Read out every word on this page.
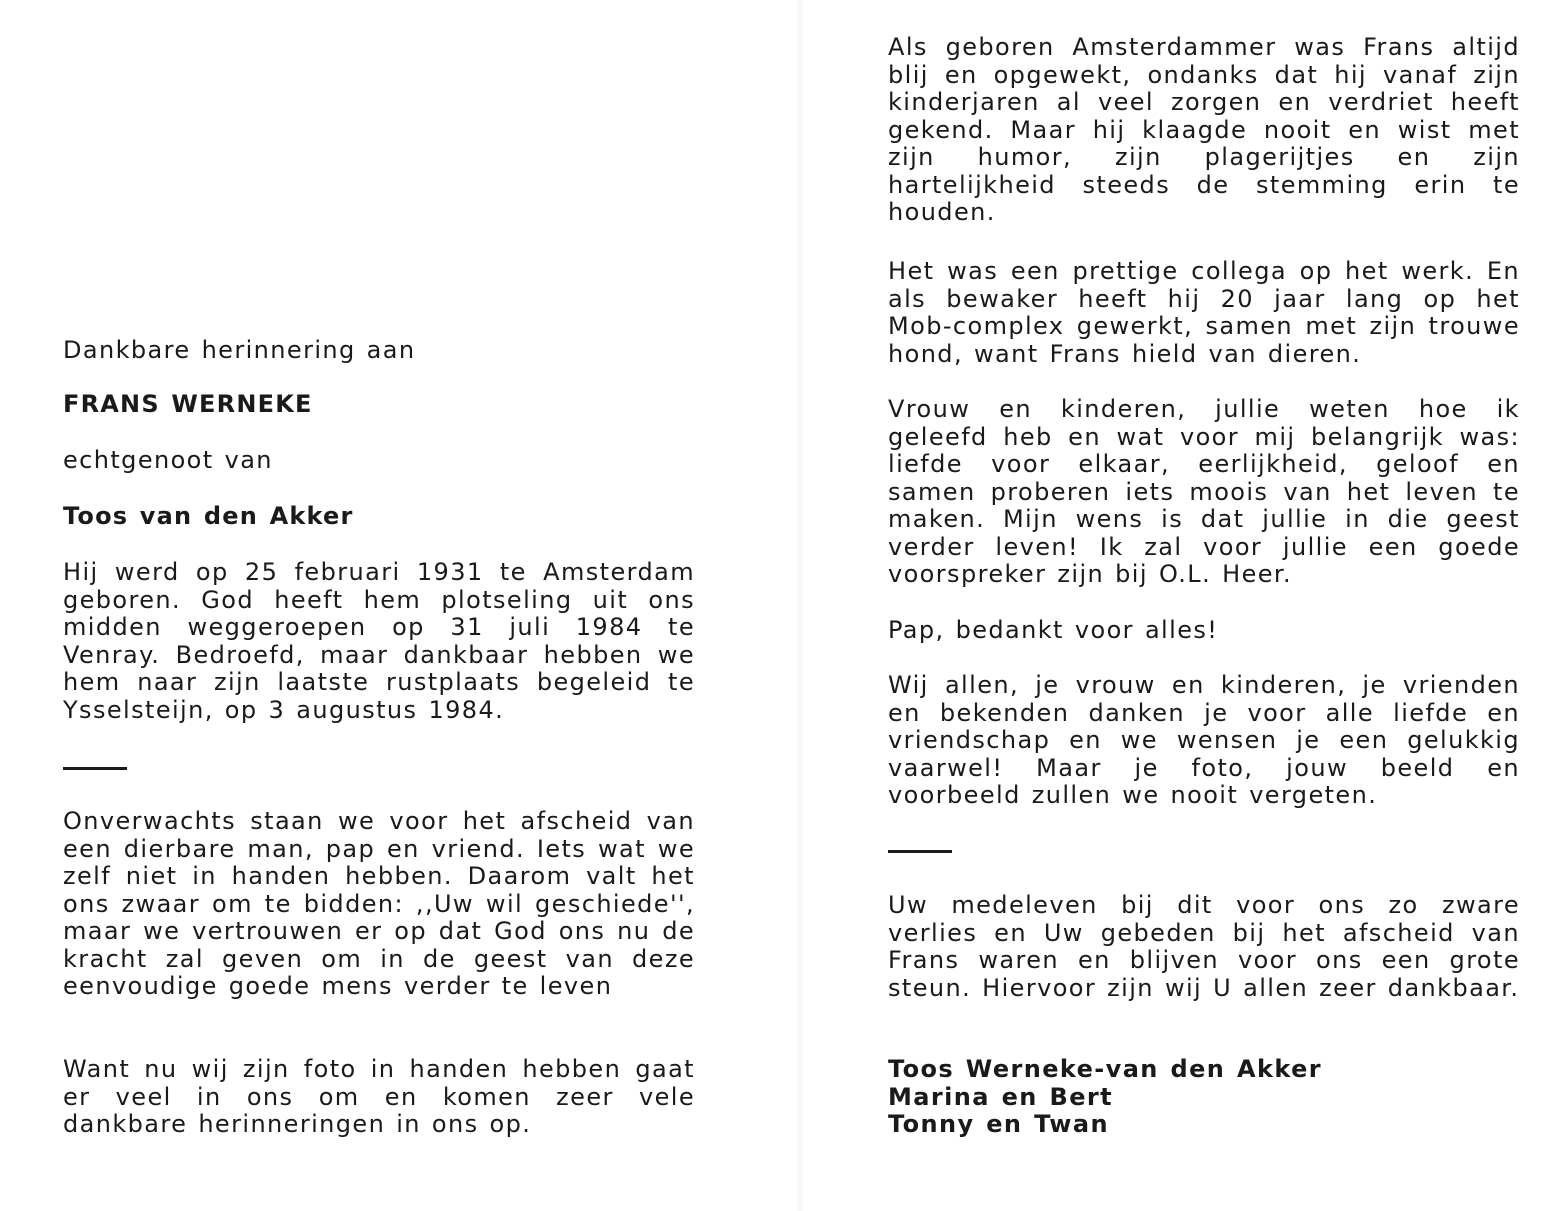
Dankbare herinnering aan

FRANS WERNEKE

echtgenoot van

Toos van den Akker

Hij werd op 25 februari 1931 te Amsterdam geboren. God heeft hem plotseling uit ons midden weggeroepen op 31 juli 1984 te Venray. Bedroefd, maar dankbaar hebben we hem naar zijn laatste rustplaats begeleid te Ysselsteijn, op 3 augustus 1984.

Onverwachts staan we voor het afscheid van een dierbare man, pap en vriend. Iets wat we zelf niet in handen hebben. Daarom valt het ons zwaar om te bidden: ,,Uw wil geschiede'', maar we vertrouwen er op dat God ons nu de kracht zal geven om in de geest van deze eenvoudige goede mens verder te leven

Want nu wij zijn foto in handen hebben gaat er veel in ons om en komen zeer vele dankbare herinneringen in ons op.

Als geboren Amsterdammer was Frans altijd blij en opgewekt, ondanks dat hij vanaf zijn kinderjaren al veel zorgen en verdriet heeft gekend. Maar hij klaagde nooit en wist met zijn humor, zijn plagerijtjes en zijn hartelijkheid steeds de stemming erin te houden.

Het was een prettige collega op het werk. En als bewaker heeft hij 20 jaar lang op het Mob-complex gewerkt, samen met zijn trouwe hond, want Frans hield van dieren.

Vrouw en kinderen, jullie weten hoe ik geleefd heb en wat voor mij belangrijk was: liefde voor elkaar, eerlijkheid, geloof en samen proberen iets moois van het leven te maken. Mijn wens is dat jullie in die geest verder leven! Ik zal voor jullie een goede voorspreker zijn bij O.L. Heer.

Pap, bedankt voor alles!

Wij allen, je vrouw en kinderen, je vrienden en bekenden danken je voor alle liefde en vriendschap en we wensen je een gelukkig vaarwel! Maar je foto, jouw beeld en voorbeeld zullen we nooit vergeten.

Uw medeleven bij dit voor ons zo zware verlies en Uw gebeden bij het afscheid van Frans waren en blijven voor ons een grote steun. Hiervoor zijn wij U allen zeer dankbaar.

Toos Werneke-van den Akker

Marina en Bert

Tonny en Twan
